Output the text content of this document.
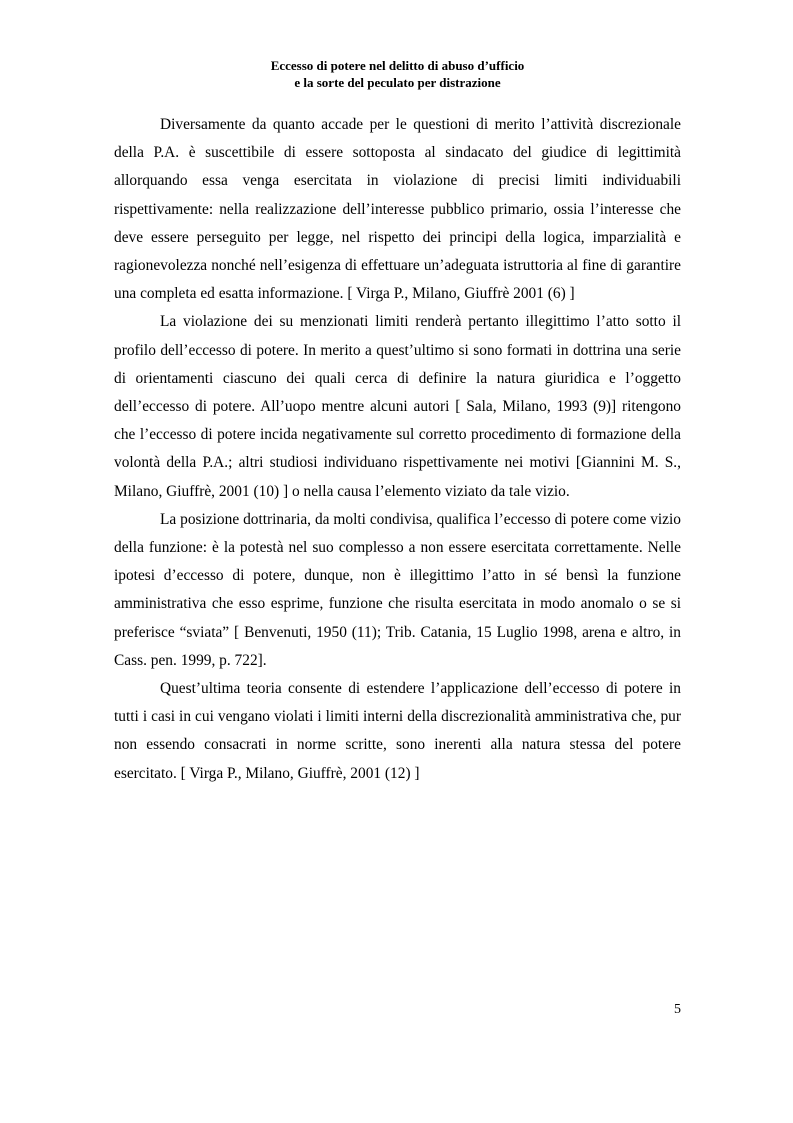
Eccesso di potere nel delitto di abuso d’ufficio
e la sorte del peculato per distrazione

Diversamente da quanto accade per le questioni di merito l’attività discrezionale della P.A. è suscettibile di essere sottoposta al sindacato del giudice di legittimità allorquando essa venga esercitata in violazione di precisi limiti individuabili rispettivamente: nella realizzazione dell’interesse pubblico primario, ossia l’interesse che deve essere perseguito per legge, nel rispetto dei principi della logica, imparzialità e ragionevolezza nonché nell’esigenza di effettuare un’adeguata istruttoria al fine di garantire una completa ed esatta informazione. [ Virga P., Milano, Giuffrè 2001 (6) ]

La violazione dei su menzionati limiti renderà pertanto illegittimo l’atto sotto il profilo dell’eccesso di potere. In merito a quest’ultimo si sono formati in dottrina una serie di orientamenti ciascuno dei quali cerca di definire la natura giuridica e l’oggetto dell’eccesso di potere. All’uopo mentre alcuni autori [ Sala, Milano, 1993 (9)] ritengono che l’eccesso di potere incida negativamente sul corretto procedimento di formazione della volontà della P.A.; altri studiosi individuano rispettivamente nei motivi [Giannini M. S., Milano, Giuffrè, 2001 (10) ] o nella causa l’elemento viziato da tale vizio.

La posizione dottrinaria, da molti condivisa, qualifica l’eccesso di potere come vizio della funzione: è la potestà nel suo complesso a non essere esercitata correttamente. Nelle ipotesi d’eccesso di potere, dunque, non è illegittimo l’atto in sé bensì la funzione amministrativa che esso esprime, funzione che risulta esercitata in modo anomalo o se si preferisce “sviata” [ Benvenuti, 1950 (11); Trib. Catania, 15 Luglio 1998, arena e altro, in Cass. pen. 1999, p. 722].

Quest’ultima teoria consente di estendere l’applicazione dell’eccesso di potere in tutti i casi in cui vengano violati i limiti interni della discrezionalità amministrativa che, pur non essendo consacrati in norme scritte, sono inerenti alla natura stessa del potere esercitato. [ Virga P., Milano, Giuffrè, 2001 (12) ]

5
